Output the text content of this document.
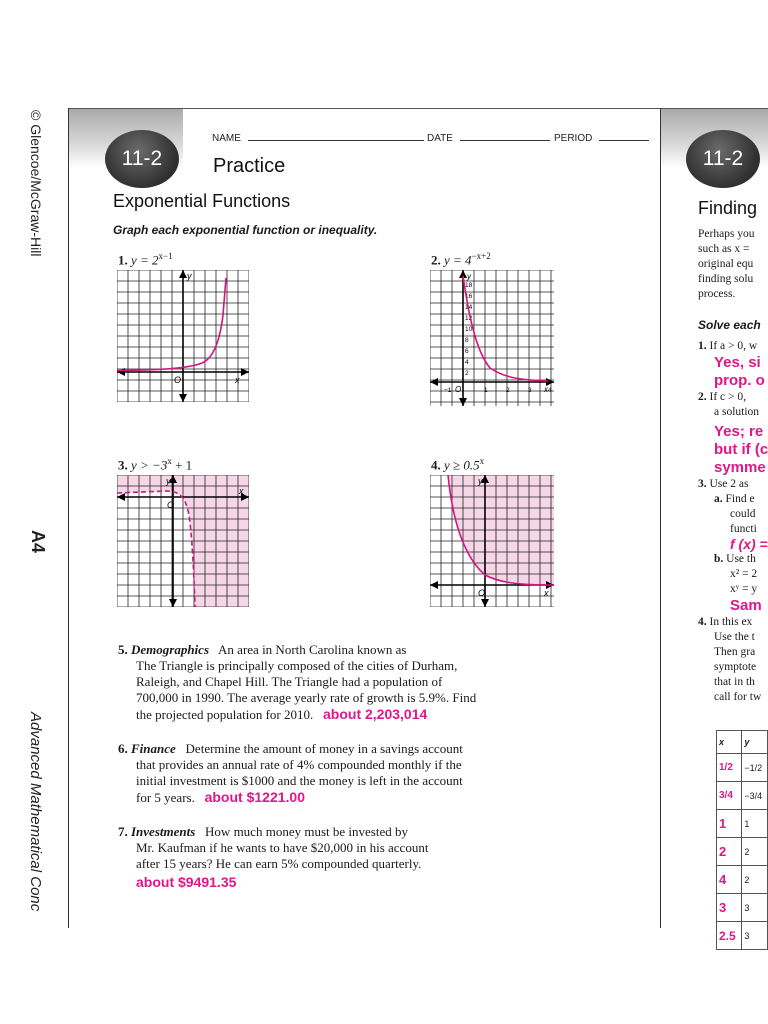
© Glencoe/McGraw-Hill
A4
Advanced Mathematical Conc
11-2
NAME	DATE	PERIOD
Practice
Exponential Functions
Graph each exponential function or inequality.
1. $y = 2^{x-1}$	2. $y = 4^{-x+2}$
3. $y > -3^x + 1$	4. $y \ge 0.5^x$
y
x
O
y
x
O
18
16
14
12
10
8
6
4
2
−1	1	2	3	4
y
x
O
y
x
O
5. Demographics An area in North Carolina known as
The Triangle is principally composed of the cities of Durham,
Raleigh, and Chapel Hill. The Triangle had a population of
700,000 in 1990. The average yearly rate of growth is 5.9%. Find
the projected population for 2010. about 2,203,014
6. Finance Determine the amount of money in a savings account
that provides an annual rate of 4% compounded monthly if the
initial investment is $1000 and the money is left in the account
for 5 years. about $1221.00
7. Investments How much money must be invested by
Mr. Kaufman if he wants to have $20,000 in his account
after 15 years? He can earn 5% compounded quarterly.
about $9491.35
11-2
Finding
Perhaps you
such as x =
original equ
finding solu
process.
Solve each
1. If a > 0, w
Yes, si
prop. o
2. If c > 0,
a solution
Yes; re
but if (c
symme
3. Use 2 as
a. Find e
could
functi
f (x) =
b. Use th
x² = 2
xʸ = y
Sam
4. In this ex
Use the t
Then gra
symptote
that in th
call for tw
x	y
1/2	−1/2
3/4	−3/4
1	1
2	2
4	2
3	3
2.5	3
